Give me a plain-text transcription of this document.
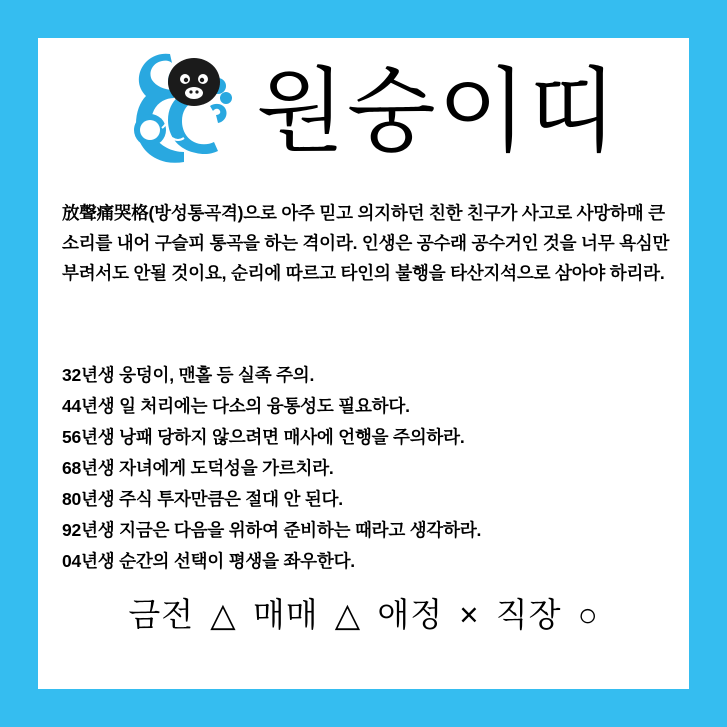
원숭이띠

放聲痛哭格(방성통곡격)으로 아주 믿고 의지하던 친한 친구가 사고로 사망하매 큰 소리를 내어 구슬피 통곡을 하는 격이라. 인생은 공수래 공수거인 것을 너무 욕심만 부려서도 안될 것이요, 순리에 따르고 타인의 불행을 타산지석으로 삼아야 하리라.

32년생 웅덩이, 맨홀 등 실족 주의.
44년생 일 처리에는 다소의 융통성도 필요하다.
56년생 낭패 당하지 않으려면 매사에 언행을 주의하라.
68년생 자녀에게 도덕성을 가르치라.
80년생 주식 투자만큼은 절대 안 된다.
92년생 지금은 다음을 위하여 준비하는 때라고 생각하라.
04년생 순간의 선택이 평생을 좌우한다.
금전 △ 매매 △ 애정 × 직장 ○
